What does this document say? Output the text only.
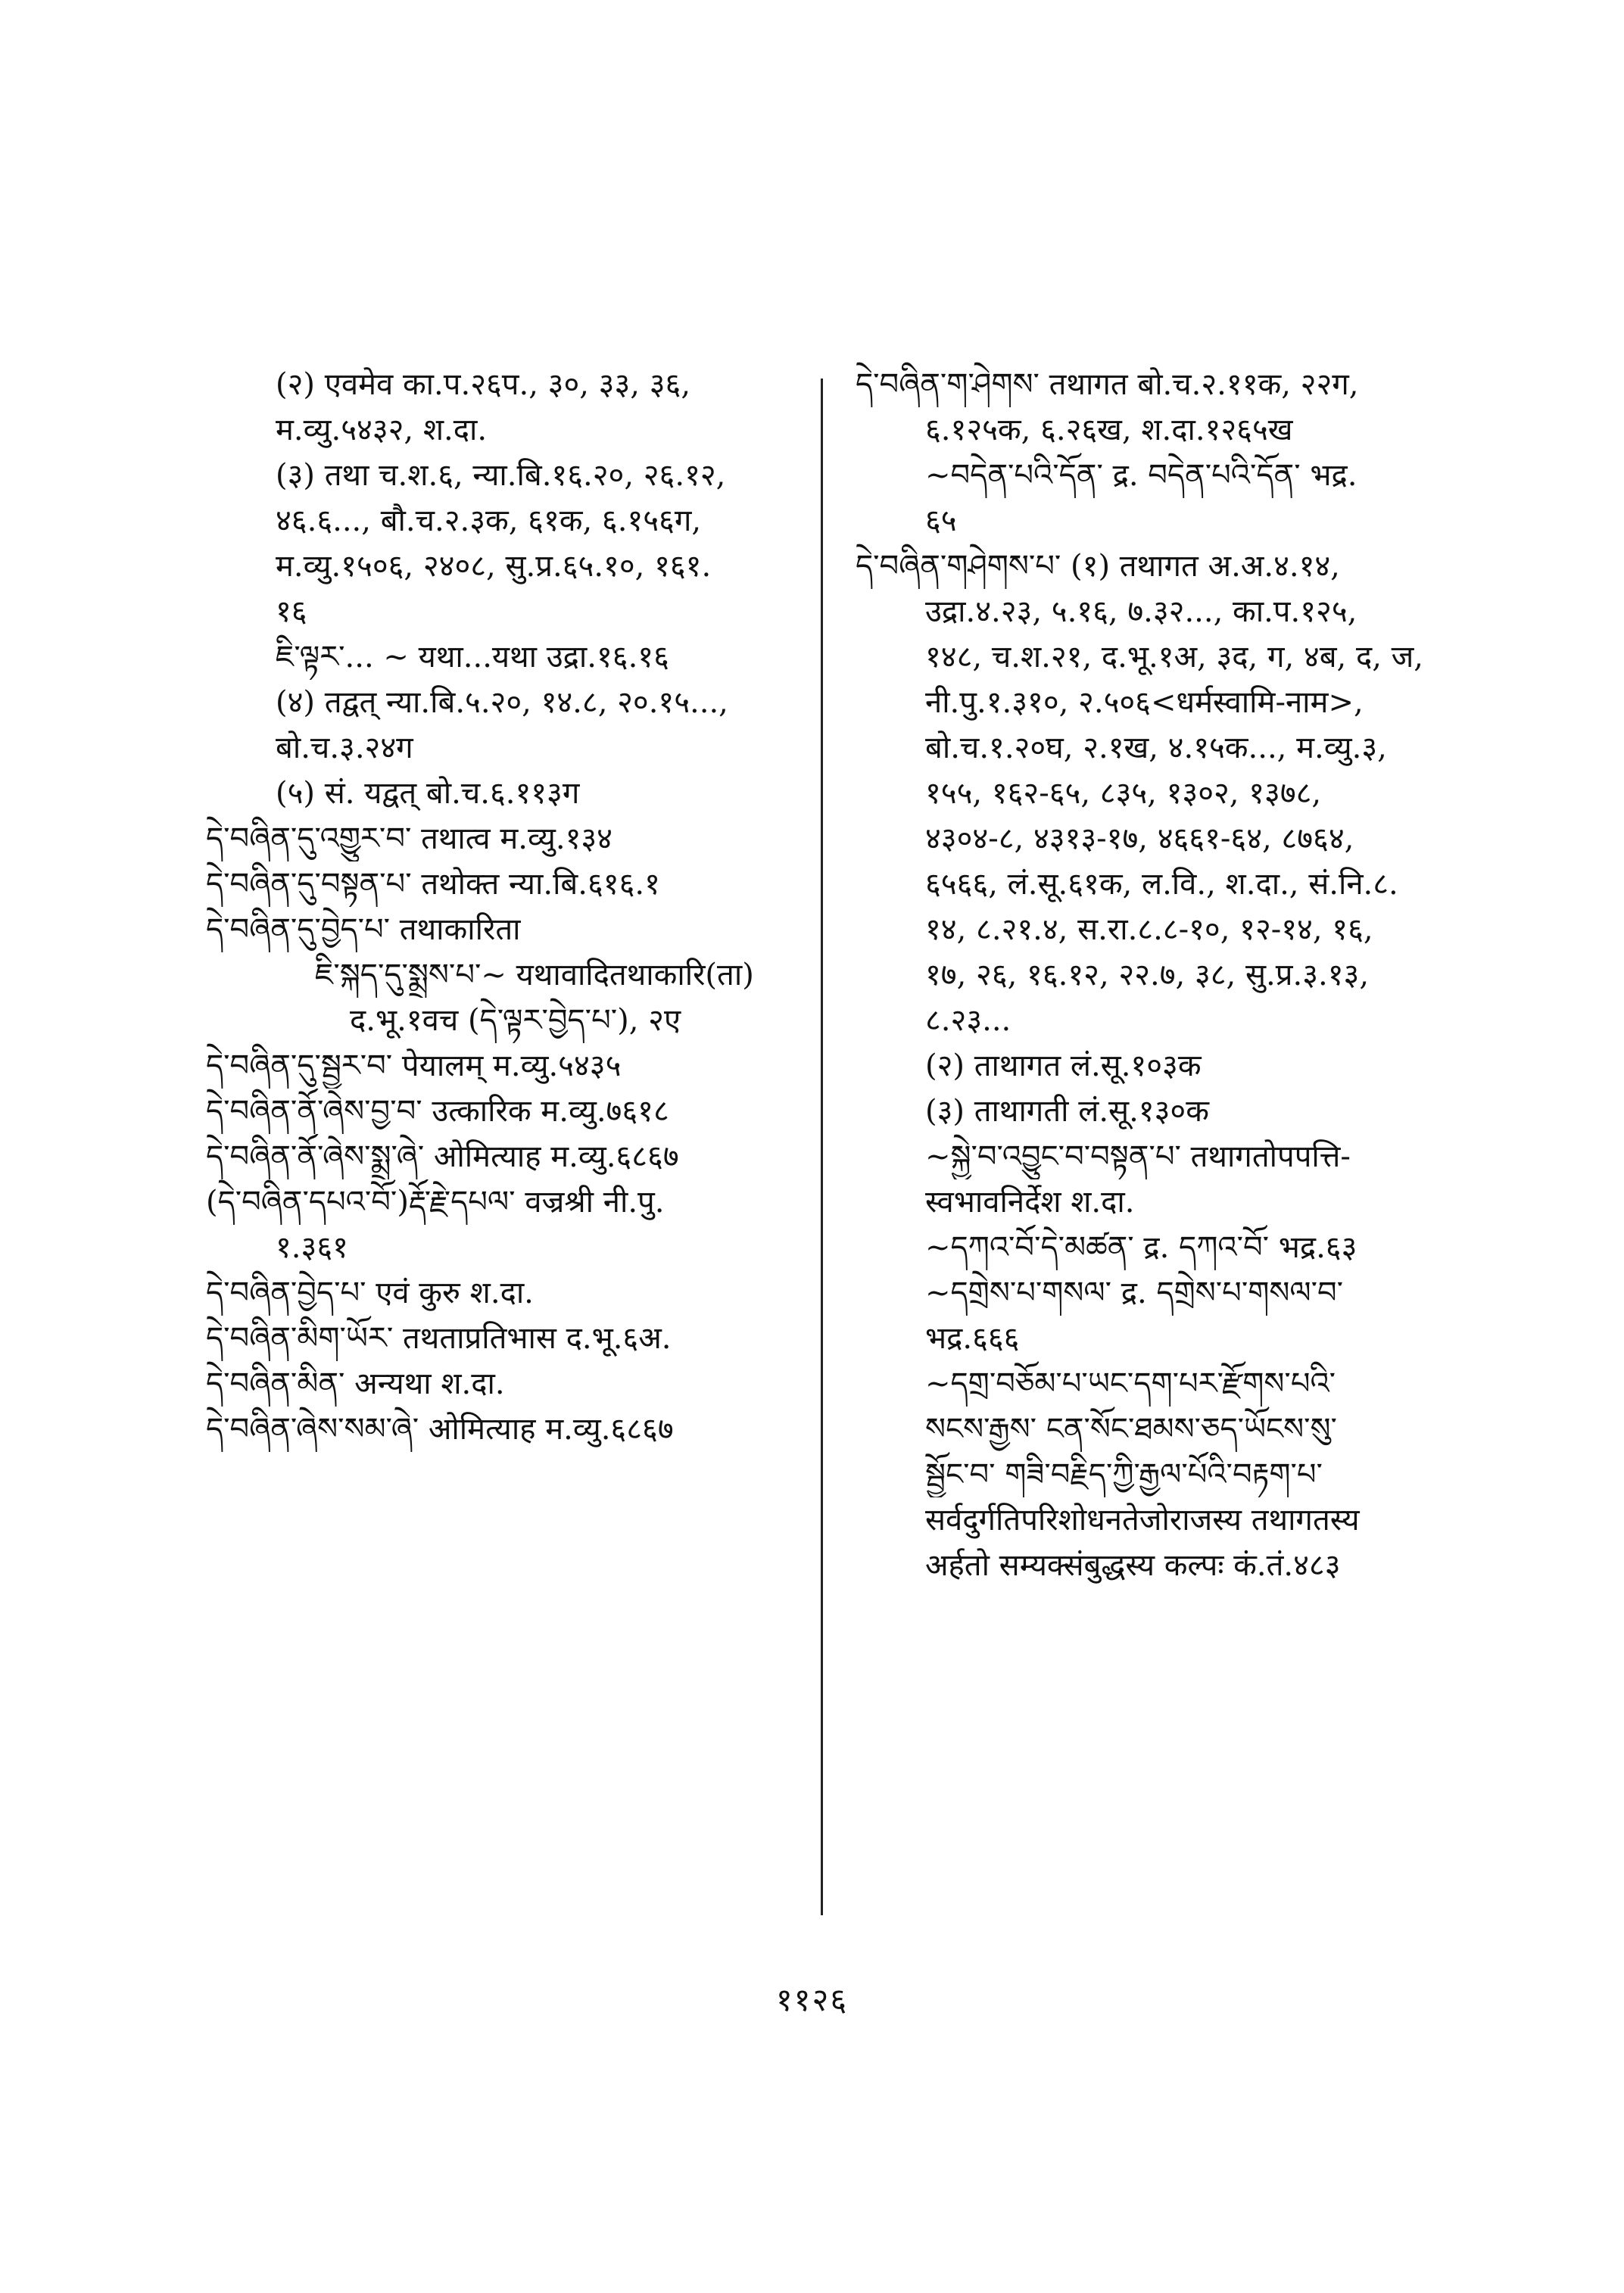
(२) एवमेव का.प.२६प., ३०, ३३, ३६,
म.व्यु.५४३२, श.दा.
(३) तथा च.श.६, न्या.बि.१६.२०, २६.१२,
४६.६..., बौ.च.२.३क, ६१क, ६.१५६ग,
म.व्यु.१५०६, २४०८, सु.प्र.६५.१०, १६१.
१६
ཇི་ལྟར་... ~ यथा...यथा उद्रा.१६.१६
(४) तद्वत् न्या.बि.५.२०, १४.८, २०.१५...,
बो.च.३.२४ग
(५) सं. यद्वत् बो.च.६.११३ग
དེ་བཞིན་དུ་འགྱུར་བ་ तथात्व म.व्यु.१३४
དེ་བཞིན་དུ་བསྟན་པ་ तथोक्त न्या.बि.६१६.१
དེ་བཞིན་དུ་བྱེད་པ་ तथाकारिता
ཇི་སྐད་དུ་སྨྲས་པ་~ यथावादितथाकारि(ता)
द.भू.१वच (དེ་ལྟར་བྱེད་པ་), २ए
དེ་བཞིན་དུ་སྦྱར་བ་ पेयालम् म.व्यु.५४३५
དེ་བཞིན་ནོ་ཞེས་བྱ་བ་ उत्कारिक म.व्यु.७६१८
དེ་བཞིན་ནོ་ཞེས་སྨྲ་ཞེ་ ओमित्याह म.व्यु.६८६७
(དེ་བཞིན་དཔའ་བོ་)རྡོ་རྗེ་དཔལ་ वज्रश्री नी.पु.
१.३६१
དེ་བཞིན་བྱེད་པ་ एवं कुरु श.दा.
དེ་བཞིན་མིག་ཡོར་ तथताप्रतिभास द.भू.६अ.
དེ་བཞིན་མིན་ अन्यथा श.दा.
དེ་བཞིན་ཞེས་སམ་ཞེ་ ओमित्याह म.व्यु.६८६७
དེ་བཞིན་ག་ཤེགས་ तथागत बो.च.२.११क, २२ग,
६.१२५क, ६.२६ख, श.दा.१२६५ख
~བདེན་པའི་དོན་ द्र. བདེན་པའི་དོན་ भद्र.
६५
དེ་བཞིན་གཤེགས་པ་ (१) तथागत अ.अ.४.१४,
उद्रा.४.२३, ५.१६, ७.३२..., का.प.१२५,
१४८, च.श.२१, द.भू.१अ, ३द, ग, ४ब, द, ज,
नी.पु.१.३१०, २.५०६<धर्मस्वामि-नाम>,
बो.च.१.२०घ, २.१ख, ४.१५क..., म.व्यु.३,
१५५, १६२-६५, ८३५, १३०२, १३७८,
४३०४-८, ४३१३-१७, ४६६१-६४, ८७६४,
६५६६, लं.सू.६१क, ल.वि., श.दा., सं.नि.८.
१४, ८.२१.४, स.रा.८.८-१०, १२-१४, १६,
१७, २६, १६.१२, २२.७, ३८, सु.प्र.३.१३,
८.२३...
(२) ताथागत लं.सू.१०३क
(३) ताथागती लं.सू.१३०क
~སྐྱེ་བ་འབྱུང་བ་བསྟན་པ་ तथागतोपपत्ति-
स्वभावनिर्देश श.दा.
~དཀའ་བོ་དེ་མཚན་ द्र. དཀའ་བོ་ भद्र.६३
~དགྲེས་པ་གསལ་ द्र. དགྲེས་པ་གསལ་བ་
भद्र.६६६
~དགྲ་བཅོམ་པ་ཡང་དག་པར་རྫོགས་པའི་
སངས་རྒྱས་ ངན་སོང་ཐམས་ཅད་ཡོངས་སུ་
སྦྱོང་བ་ གཟི་བརྗིད་ཀྱི་རྒྱལ་པོའི་བརྟག་པ་
सर्वदुर्गतिपरिशोधनतेजोराजस्य तथागतस्य
अर्हतो सम्यक्संबुद्धस्य कल्पः कं.तं.४८३
११२६
